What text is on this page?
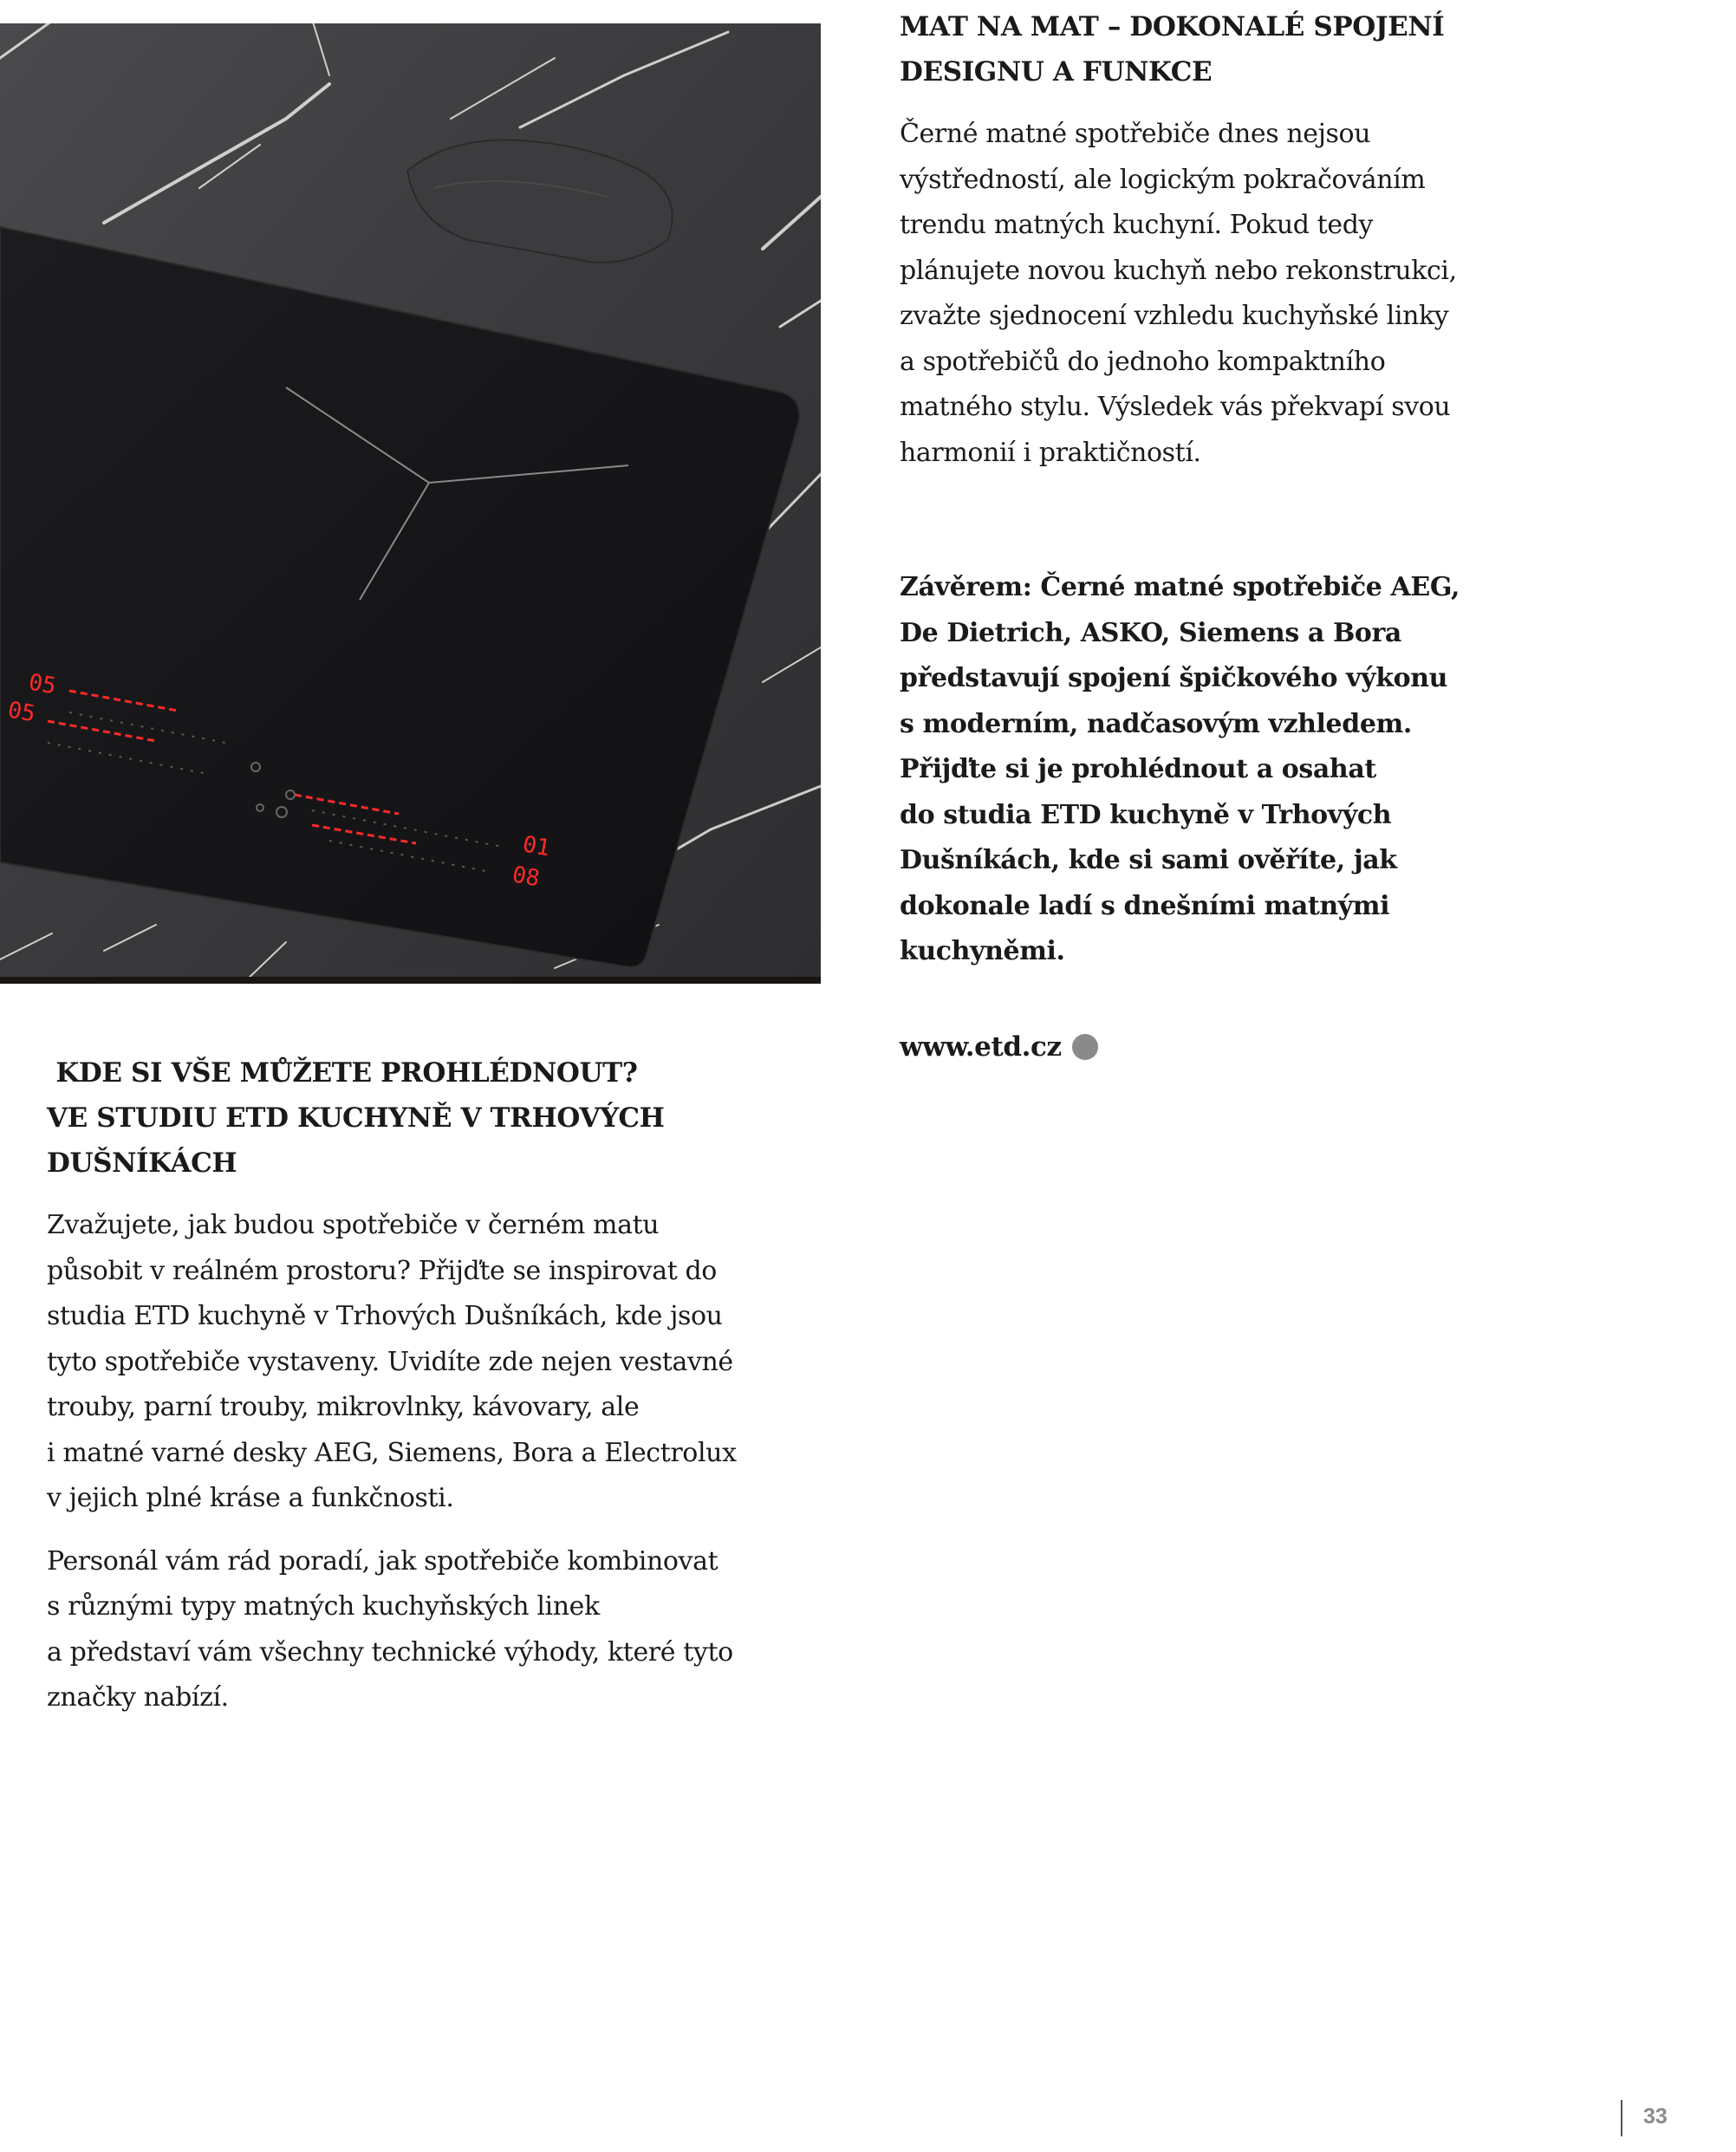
05
05
01
08
MAT NA MAT – DOKONALÉ SPOJENÍ
DESIGNU A FUNKCE

Černé matné spotřebiče dnes nejsou
výstředností, ale logickým pokračováním
trendu matných kuchyní. Pokud tedy
plánujete novou kuchyň nebo rekonstrukci,
zvažte sjednocení vzhledu kuchyňské linky
a spotřebičů do jednoho kompaktního
matného stylu. Výsledek vás překvapí svou
harmonií i praktičností.

Závěrem: Černé matné spotřebiče AEG,
De Dietrich, ASKO, Siemens a Bora
představují spojení špičkového výkonu
s moderním, nadčasovým vzhledem.
Přijďte si je prohlédnout a osahat
do studia ETD kuchyně v Trhových
Dušníkách, kde si sami ověříte, jak
dokonale ladí s dnešními matnými
kuchyněmi.

www.etd.cz
KDE SI VŠE MŮŽETE PROHLÉDNOUT?
VE STUDIU ETD KUCHYNĚ V TRHOVÝCH
DUŠNÍKÁCH

Zvažujete, jak budou spotřebiče v černém matu
působit v reálném prostoru? Přijďte se inspirovat do
studia ETD kuchyně v Trhových Dušníkách, kde jsou
tyto spotřebiče vystaveny. Uvidíte zde nejen vestavné
trouby, parní trouby, mikrovlnky, kávovary, ale
i matné varné desky AEG, Siemens, Bora a Electrolux
v jejich plné kráse a funkčnosti.

Personál vám rád poradí, jak spotřebiče kombinovat
s různými typy matných kuchyňských linek
a představí vám všechny technické výhody, které tyto
značky nabízí.

33
